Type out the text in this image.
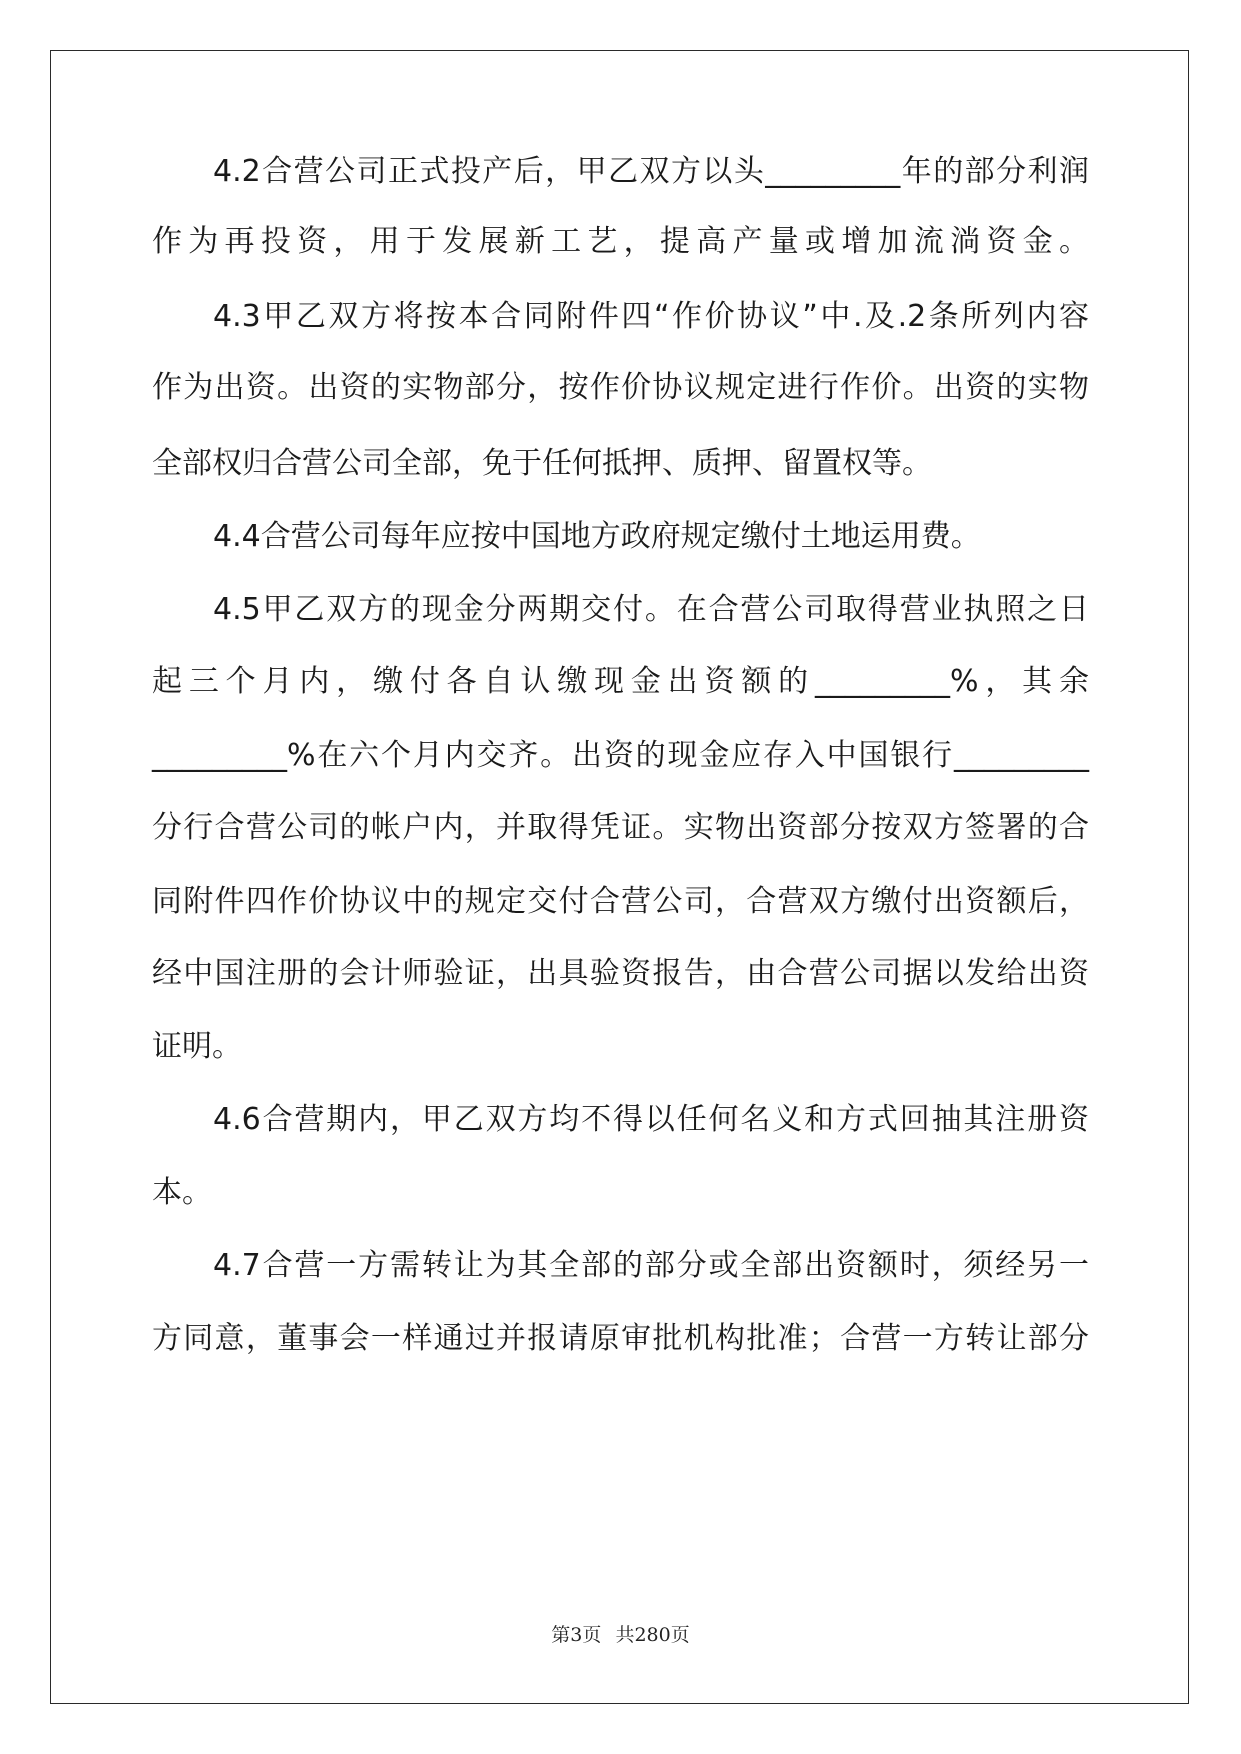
4.2合营公司正式投产后，甲乙双方以头_________年的部分利润
作为再投资，用于发展新工艺，提高产量或增加流淌资金。
4.3甲乙双方将按本合同附件四“作价协议”中.及.2条所列内容
作为出资。出资的实物部分，按作价协议规定进行作价。出资的实物
全部权归合营公司全部，免于任何抵押、质押、留置权等。
4.4合营公司每年应按中国地方政府规定缴付土地运用费。
4.5甲乙双方的现金分两期交付。在合营公司取得营业执照之日
起三个月内，缴付各自认缴现金出资额的_________%，其余
_________%在六个月内交齐。出资的现金应存入中国银行_________
分行合营公司的帐户内，并取得凭证。实物出资部分按双方签署的合
同附件四作价协议中的规定交付合营公司，合营双方缴付出资额后，
经中国注册的会计师验证，出具验资报告，由合营公司据以发给出资
证明。
4.6合营期内，甲乙双方均不得以任何名义和方式回抽其注册资
本。
4.7合营一方需转让为其全部的部分或全部出资额时，须经另一
方同意，董事会一样通过并报请原审批机构批准；合营一方转让部分
第3页 共280页
